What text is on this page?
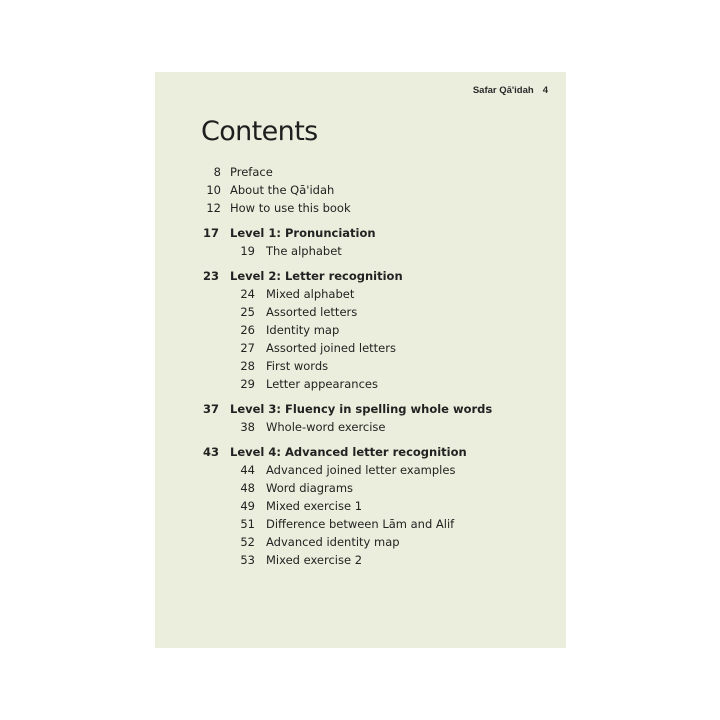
Safar Qā'idah 4
Contents
8 Preface
10 About the Qā'idah
12 How to use this book
17 Level 1: Pronunciation
19 The alphabet
23 Level 2: Letter recognition
24 Mixed alphabet
25 Assorted letters
26 Identity map
27 Assorted joined letters
28 First words
29 Letter appearances
37 Level 3: Fluency in spelling whole words
38 Whole-word exercise
43 Level 4: Advanced letter recognition
44 Advanced joined letter examples
48 Word diagrams
49 Mixed exercise 1
51 Difference between Lām and Alif
52 Advanced identity map
53 Mixed exercise 2
